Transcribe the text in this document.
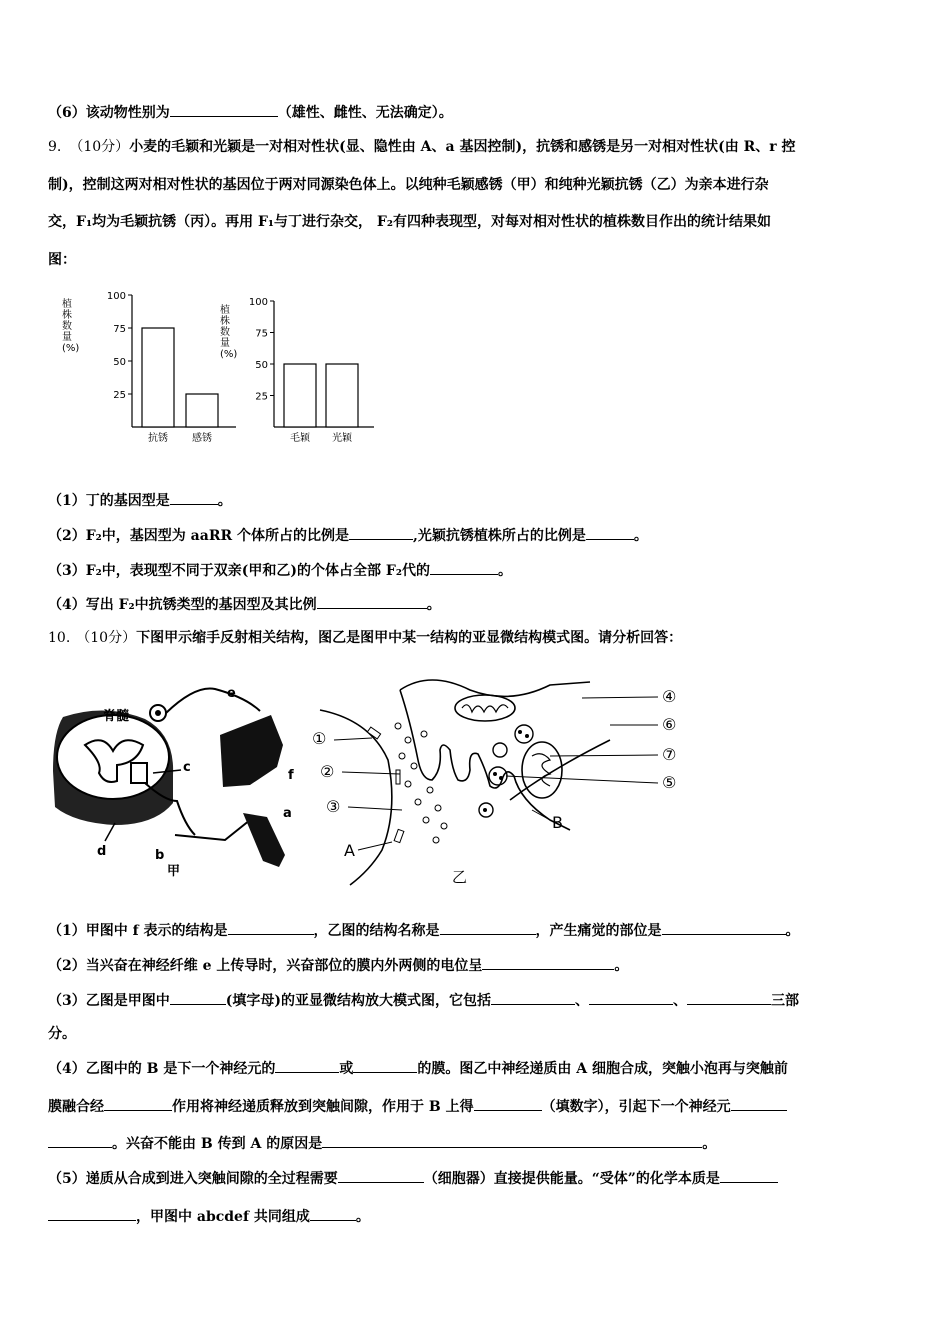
（6）该动物性别为	（雄性、雌性、无法确定）。
9. （10分）小麦的毛颖和光颖是一对相对性状(显、隐性由 A、a 基因控制)，抗锈和感锈是另一对相对性状(由 R、r 控
制)，控制这两对相对性状的基因位于两对同源染色体上。以纯种毛颖感锈（甲）和纯种光颖抗锈（乙）为亲本进行杂
交，F₁均为毛颖抗锈（丙）。再用 F₁与丁进行杂交， F₂有四种表现型，对每对相对性状的植株数目作出的统计结果如
图：
植
株
数
量
(%)
25
50
75
100
抗锈 感锈
植
株
数
量
(%)
25
50
75
100
毛颖 光颖
（1）丁的基因型是	。
（2）F₂中，基因型为 aaRR 个体所占的比例是	,光颖抗锈植株所占的比例是	。
（3）F₂中，表现型不同于双亲(甲和乙)的个体占全部 F₂代的	。
（4）写出 F₂中抗锈类型的基因型及其比例	。
10. （10分）下图甲示缩手反射相关结构，图乙是图甲中某一结构的亚显微结构模式图。请分析回答：
脊髓
e
c
f
a
d	b
甲
①
②
③
A
④
⑥
⑦
⑤
B
乙
（1）甲图中 f 表示的结构是	，乙图的结构名称是	，产生痛觉的部位是	。
（2）当兴奋在神经纤维 e 上传导时，兴奋部位的膜内外两侧的电位呈	。
（3）乙图是甲图中	(填字母)的亚显微结构放大模式图，它包括	、	、	三部
分。
（4）乙图中的 B 是下一个神经元的	或	的膜。图乙中神经递质由 A 细胞合成，突触小泡再与突触前
膜融合经	作用将神经递质释放到突触间隙，作用于 B 上得	（填数字），引起下一个神经元
。兴奋不能由 B 传到 A 的原因是	。
（5）递质从合成到进入突触间隙的全过程需要	（细胞器）直接提供能量。“受体”的化学本质是
，甲图中 abcdef 共同组成	。
